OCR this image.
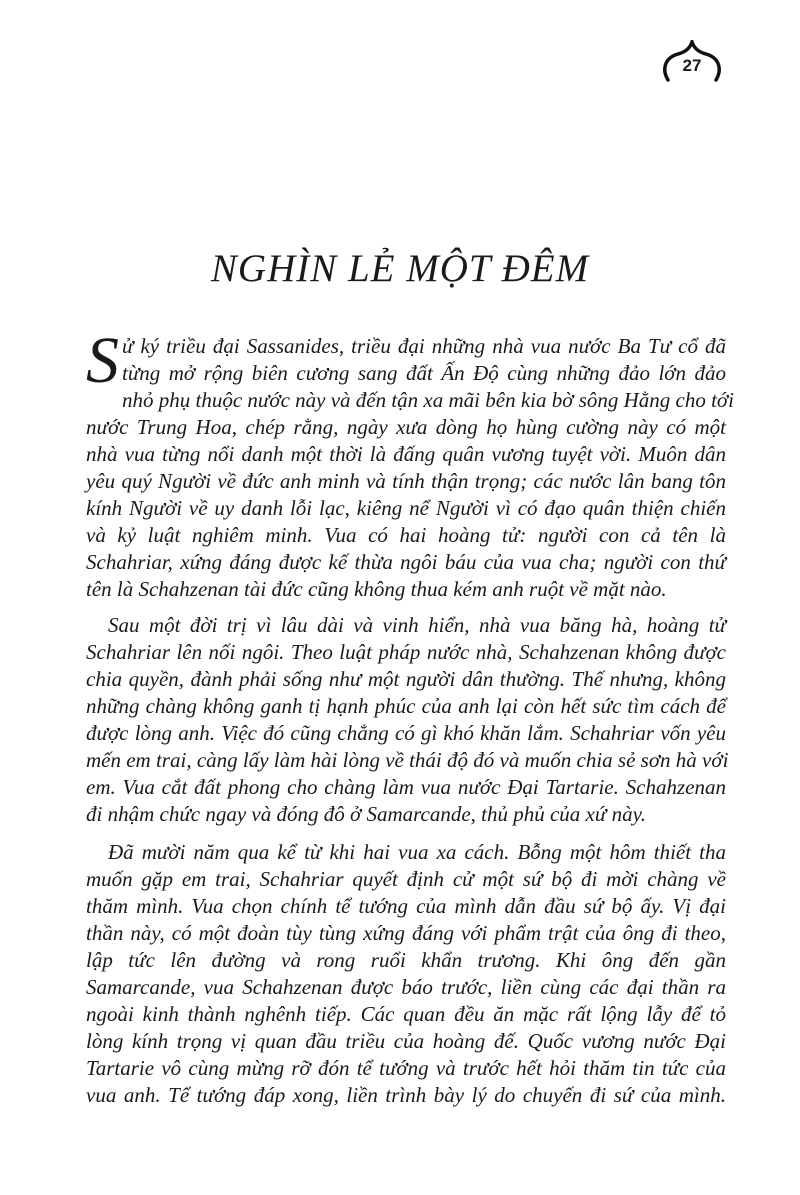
27
NGHÌN LẺ MỘT ĐÊM
S ử ký triều đại Sassanides, triều đại những nhà vua nước Ba Tư cổ đã
từng mở rộng biên cương sang đất Ấn Độ cùng những đảo lớn đảo
nhỏ phụ thuộc nước này và đến tận xa mãi bên kia bờ sông Hằng cho tới
nước Trung Hoa, chép rằng, ngày xưa dòng họ hùng cường này có một
nhà vua từng nổi danh một thời là đấng quân vương tuyệt vời. Muôn dân
yêu quý Người về đức anh minh và tính thận trọng; các nước lân bang tôn
kính Người về uy danh lỗi lạc, kiêng nể Người vì có đạo quân thiện chiến
và kỷ luật nghiêm minh. Vua có hai hoàng tử: người con cả tên là
Schahriar, xứng đáng được kế thừa ngôi báu của vua cha; người con thứ
tên là Schahzenan tài đức cũng không thua kém anh ruột về mặt nào.
Sau một đời trị vì lâu dài và vinh hiển, nhà vua băng hà, hoàng tử
Schahriar lên nối ngôi. Theo luật pháp nước nhà, Schahzenan không được
chia quyền, đành phải sống như một người dân thường. Thế nhưng, không
những chàng không ganh tị hạnh phúc của anh lại còn hết sức tìm cách để
được lòng anh. Việc đó cũng chẳng có gì khó khăn lắm. Schahriar vốn yêu
mến em trai, càng lấy làm hài lòng về thái độ đó và muốn chia sẻ sơn hà với
em. Vua cắt đất phong cho chàng làm vua nước Đại Tartarie. Schahzenan
đi nhậm chức ngay và đóng đô ở Samarcande, thủ phủ của xứ này.
Đã mười năm qua kể từ khi hai vua xa cách. Bỗng một hôm thiết tha
muốn gặp em trai, Schahriar quyết định cử một sứ bộ đi mời chàng về
thăm mình. Vua chọn chính tể tướng của mình dẫn đầu sứ bộ ấy. Vị đại
thần này, có một đoàn tùy tùng xứng đáng với phẩm trật của ông đi theo,
lập tức lên đường và rong ruổi khẩn trương. Khi ông đến gần
Samarcande, vua Schahzenan được báo trước, liền cùng các đại thần ra
ngoài kinh thành nghênh tiếp. Các quan đều ăn mặc rất lộng lẫy để tỏ
lòng kính trọng vị quan đầu triều của hoàng đế. Quốc vương nước Đại
Tartarie vô cùng mừng rỡ đón tể tướng và trước hết hỏi thăm tin tức của
vua anh. Tể tướng đáp xong, liền trình bày lý do chuyến đi sứ của mình.
